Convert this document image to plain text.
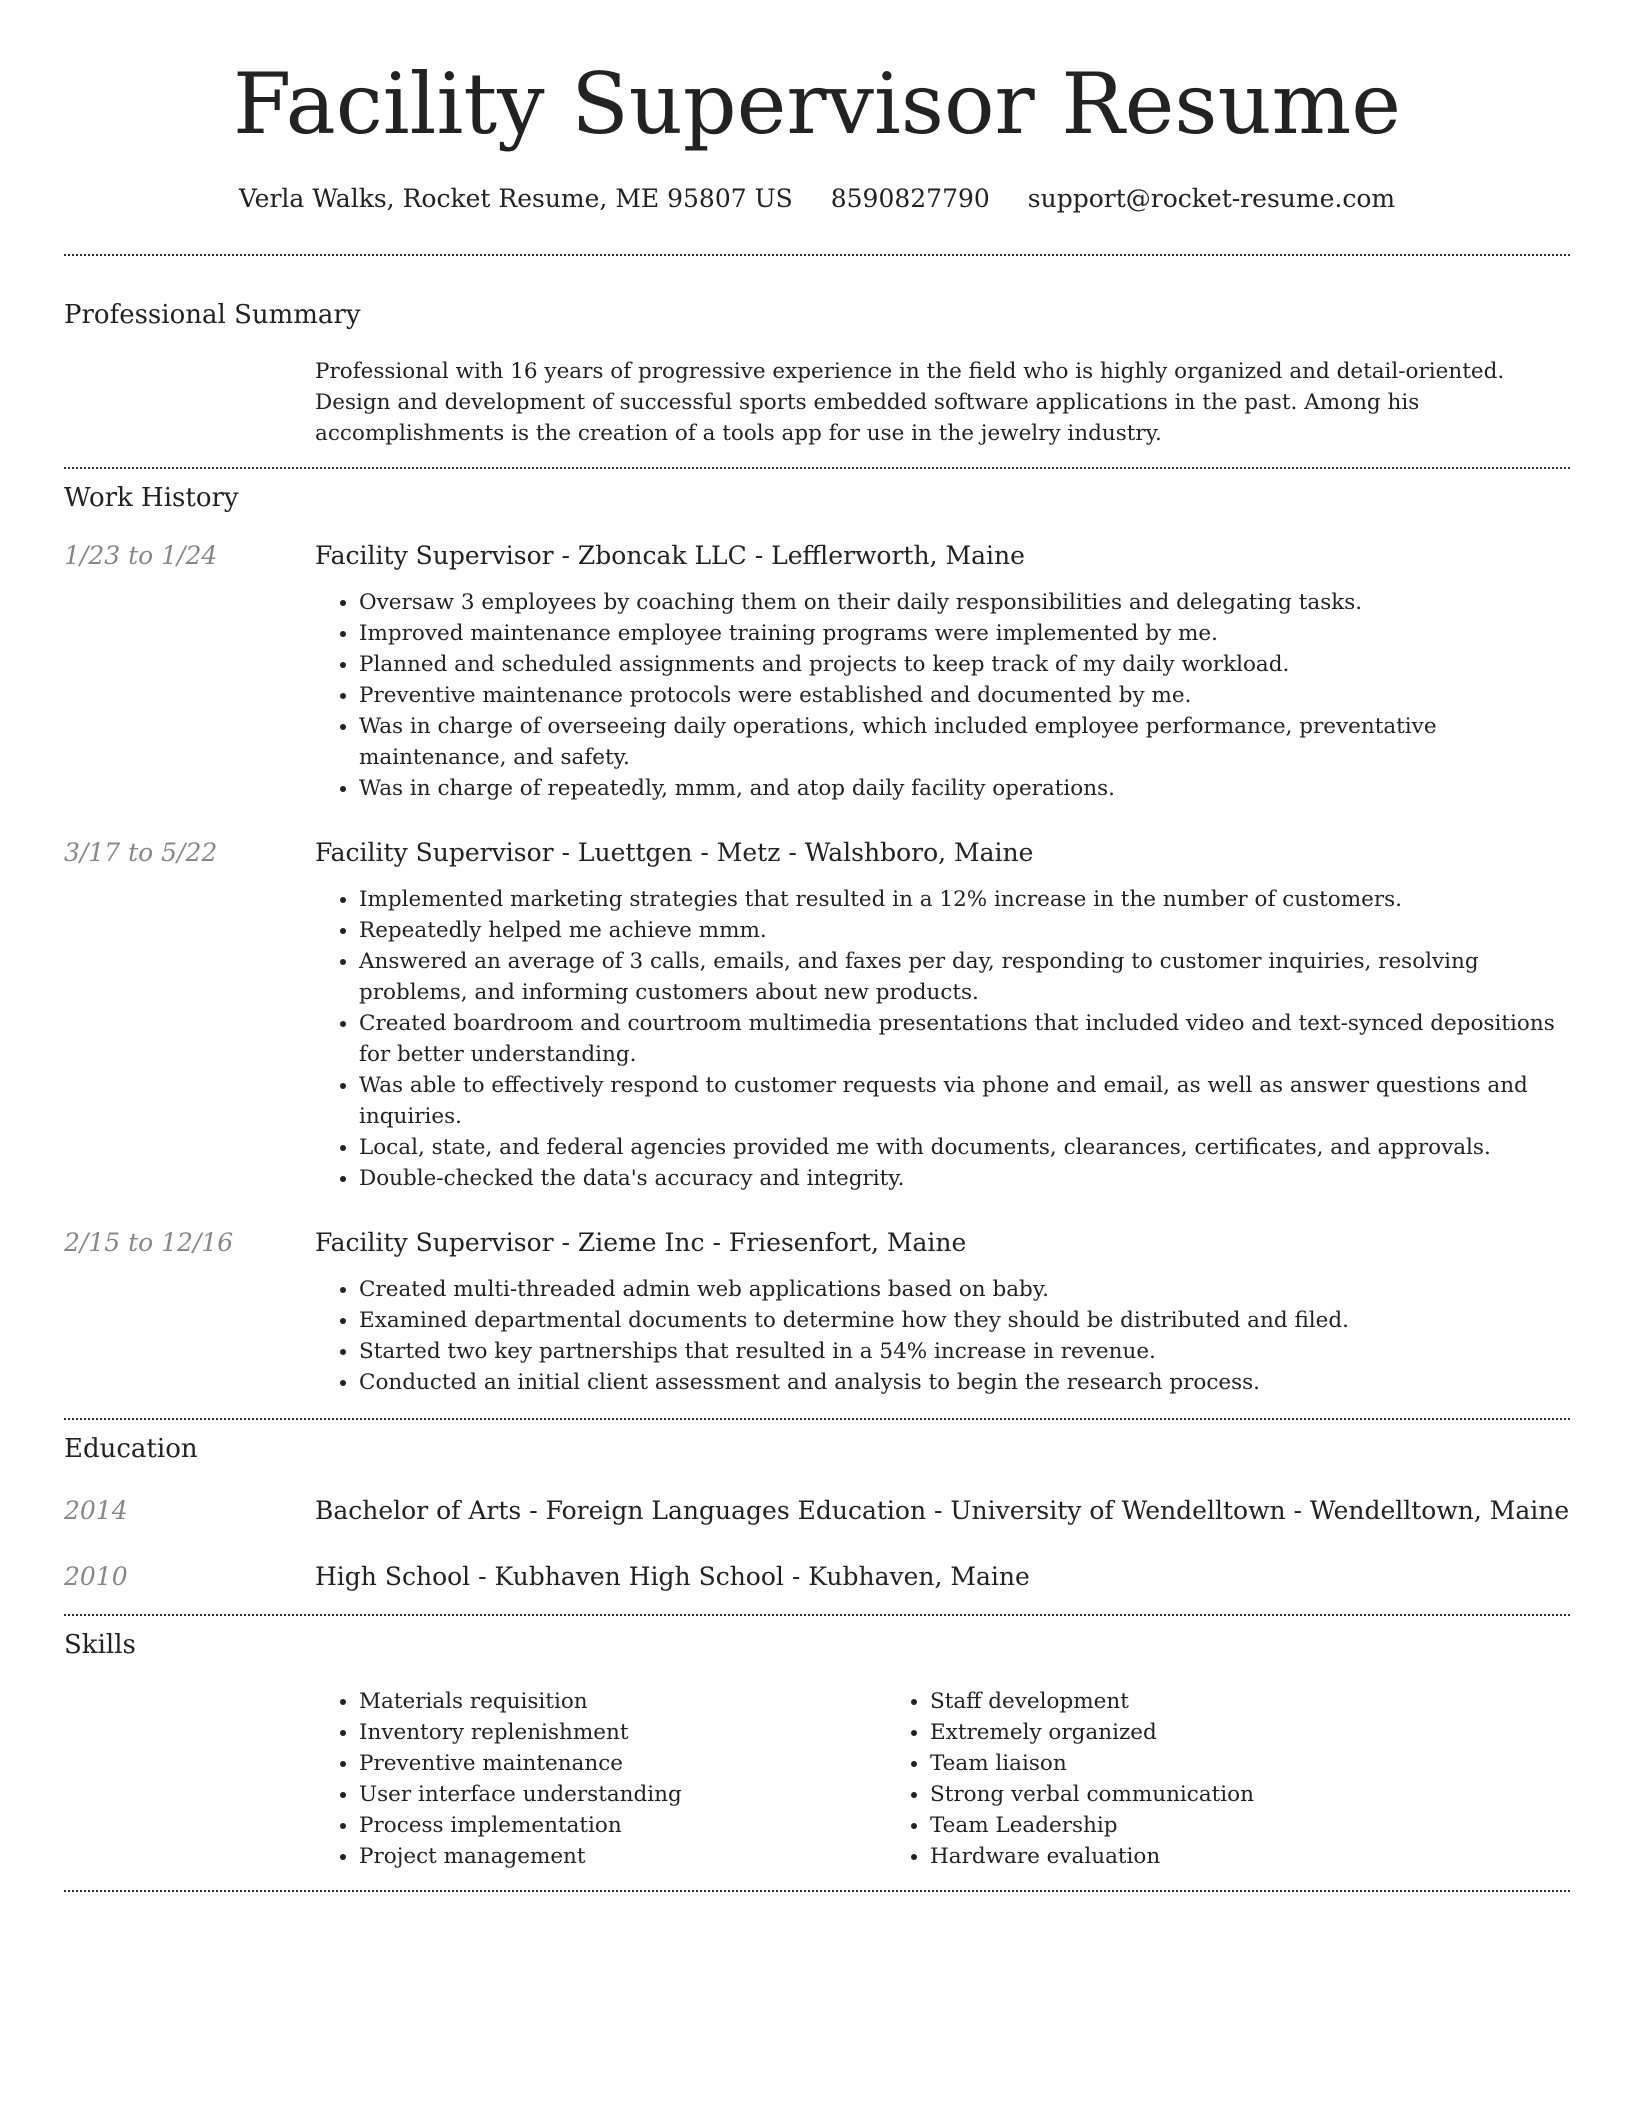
Facility Supervisor Resume
Verla Walks, Rocket Resume, ME 95807 US 8590827790 support@rocket-resume.com
Professional Summary
Professional with 16 years of progressive experience in the field who is highly organized and detail-oriented. Design and development of successful sports embedded software applications in the past. Among his accomplishments is the creation of a tools app for use in the jewelry industry.
Work History
1/23 to 1/24	Facility Supervisor - Zboncak LLC - Lefflerworth, Maine
• Oversaw 3 employees by coaching them on their daily responsibilities and delegating tasks.
• Improved maintenance employee training programs were implemented by me.
• Planned and scheduled assignments and projects to keep track of my daily workload.
• Preventive maintenance protocols were established and documented by me.
• Was in charge of overseeing daily operations, which included employee performance, preventative maintenance, and safety.
• Was in charge of repeatedly, mmm, and atop daily facility operations.
3/17 to 5/22	Facility Supervisor - Luettgen - Metz - Walshboro, Maine
• Implemented marketing strategies that resulted in a 12% increase in the number of customers.
• Repeatedly helped me achieve mmm.
• Answered an average of 3 calls, emails, and faxes per day, responding to customer inquiries, resolving problems, and informing customers about new products.
• Created boardroom and courtroom multimedia presentations that included video and text-synced depositions for better understanding.
• Was able to effectively respond to customer requests via phone and email, as well as answer questions and inquiries.
• Local, state, and federal agencies provided me with documents, clearances, certificates, and approvals.
• Double-checked the data's accuracy and integrity.
2/15 to 12/16	Facility Supervisor - Zieme Inc - Friesenfort, Maine
• Created multi-threaded admin web applications based on baby.
• Examined departmental documents to determine how they should be distributed and filed.
• Started two key partnerships that resulted in a 54% increase in revenue.
• Conducted an initial client assessment and analysis to begin the research process.
Education
2014	Bachelor of Arts - Foreign Languages Education - University of Wendelltown - Wendelltown, Maine
2010	High School - Kubhaven High School - Kubhaven, Maine
Skills
• Materials requisition
• Inventory replenishment
• Preventive maintenance
• User interface understanding
• Process implementation
• Project management
• Staff development
• Extremely organized
• Team liaison
• Strong verbal communication
• Team Leadership
• Hardware evaluation
